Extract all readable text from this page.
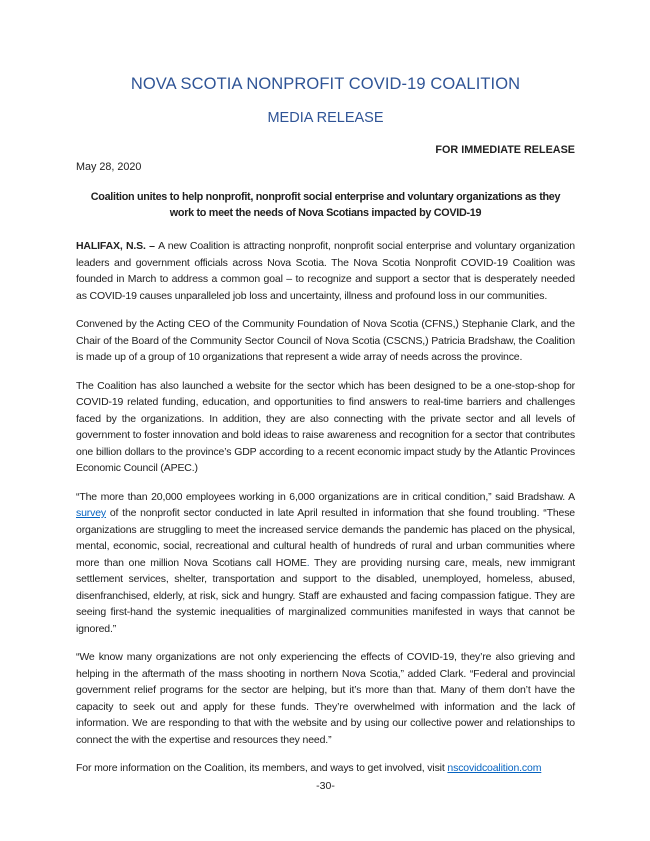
NOVA SCOTIA NONPROFIT COVID-19 COALITION
MEDIA RELEASE
FOR IMMEDIATE RELEASE
May 28, 2020
Coalition unites to help nonprofit, nonprofit social enterprise and voluntary organizations as they work to meet the needs of Nova Scotians impacted by COVID-19

HALIFAX, N.S. – A new Coalition is attracting nonprofit, nonprofit social enterprise and voluntary organization leaders and government officials across Nova Scotia. The Nova Scotia Nonprofit COVID-19 Coalition was founded in March to address a common goal – to recognize and support a sector that is desperately needed as COVID-19 causes unparalleled job loss and uncertainty, illness and profound loss in our communities.

Convened by the Acting CEO of the Community Foundation of Nova Scotia (CFNS,) Stephanie Clark, and the Chair of the Board of the Community Sector Council of Nova Scotia (CSCNS,) Patricia Bradshaw, the Coalition is made up of a group of 10 organizations that represent a wide array of needs across the province.

The Coalition has also launched a website for the sector which has been designed to be a one-stop-shop for COVID-19 related funding, education, and opportunities to find answers to real-time barriers and challenges faced by the organizations. In addition, they are also connecting with the private sector and all levels of government to foster innovation and bold ideas to raise awareness and recognition for a sector that contributes one billion dollars to the province’s GDP according to a recent economic impact study by the Atlantic Provinces Economic Council (APEC.)

“The more than 20,000 employees working in 6,000 organizations are in critical condition,” said Bradshaw. A survey of the nonprofit sector conducted in late April resulted in information that she found troubling. “These organizations are struggling to meet the increased service demands the pandemic has placed on the physical, mental, economic, social, recreational and cultural health of hundreds of rural and urban communities where more than one million Nova Scotians call HOME. They are providing nursing care, meals, new immigrant settlement services, shelter, transportation and support to the disabled, unemployed, homeless, abused, disenfranchised, elderly, at risk, sick and hungry. Staff are exhausted and facing compassion fatigue. They are seeing first-hand the systemic inequalities of marginalized communities manifested in ways that cannot be ignored.”

“We know many organizations are not only experiencing the effects of COVID-19, they’re also grieving and helping in the aftermath of the mass shooting in northern Nova Scotia,” added Clark. “Federal and provincial government relief programs for the sector are helping, but it’s more than that. Many of them don’t have the capacity to seek out and apply for these funds. They’re overwhelmed with information and the lack of information. We are responding to that with the website and by using our collective power and relationships to connect the with the expertise and resources they need.”

For more information on the Coalition, its members, and ways to get involved, visit nscovidcoalition.com

-30-
